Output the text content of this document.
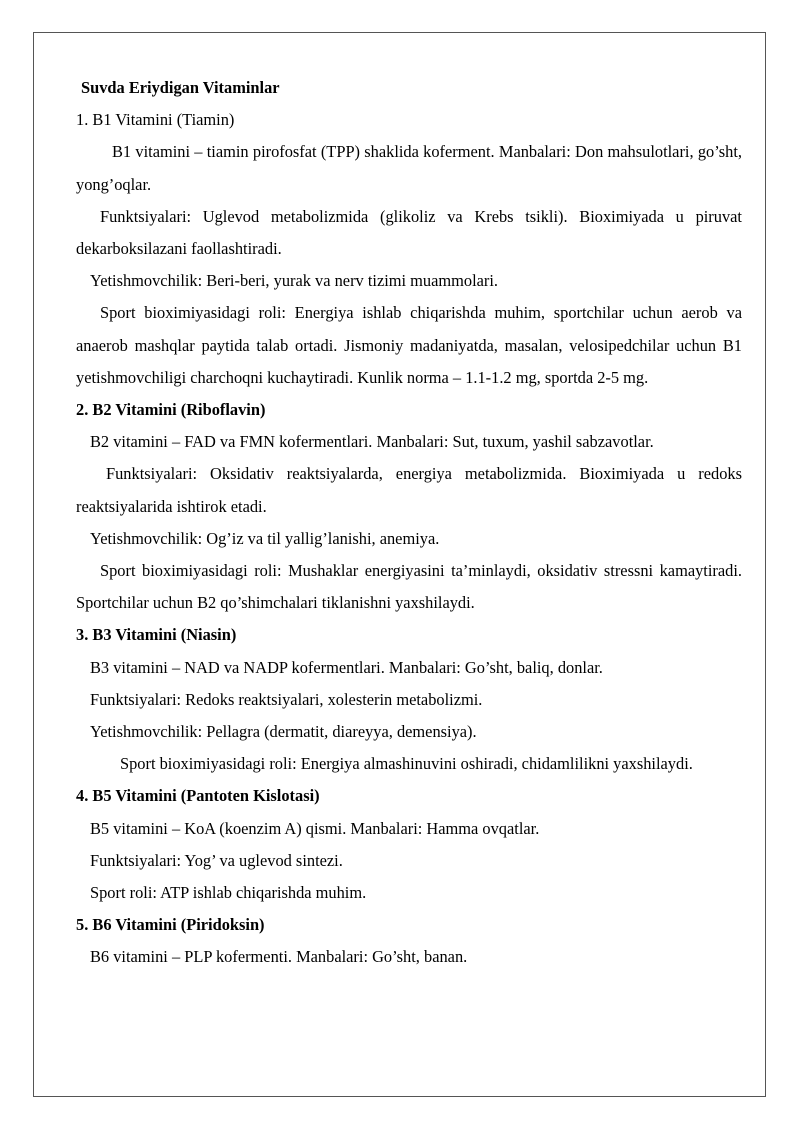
Suvda Eriydigan Vitaminlar

1. B1 Vitamini (Tiamin)

B1 vitamini – tiamin pirofosfat (TPP) shaklida koferment. Manbalari: Don mahsulotlari, go’sht, yong’oqlar.

Funktsiyalari: Uglevod metabolizmida (glikoliz va Krebs tsikli). Bioximiyada u piruvat dekarboksilazani faollashtiradi.

Yetishmovchilik: Beri-beri, yurak va nerv tizimi muammolari.

Sport bioximiyasidagi roli: Energiya ishlab chiqarishda muhim, sportchilar uchun aerob va anaerob mashqlar paytida talab ortadi. Jismoniy madaniyatda, masalan, velosipedchilar uchun B1 yetishmovchiligi charchoqni kuchaytiradi. Kunlik norma – 1.1-1.2 mg, sportda 2-5 mg.

2. B2 Vitamini (Riboflavin)

B2 vitamini – FAD va FMN kofermentlari. Manbalari: Sut, tuxum, yashil sabzavotlar.

Funktsiyalari: Oksidativ reaktsiyalarda, energiya metabolizmida. Bioximiyada u redoks reaktsiyalarida ishtirok etadi.

Yetishmovchilik: Og’iz va til yallig’lanishi, anemiya.

Sport bioximiyasidagi roli: Mushaklar energiyasini ta’minlaydi, oksidativ stressni kamaytiradi. Sportchilar uchun B2 qo’shimchalari tiklanishni yaxshilaydi.

3. B3 Vitamini (Niasin)

B3 vitamini – NAD va NADP kofermentlari. Manbalari: Go’sht, baliq, donlar.

Funktsiyalari: Redoks reaktsiyalari, xolesterin metabolizmi.

Yetishmovchilik: Pellagra (dermatit, diareyya, demensiya).

Sport bioximiyasidagi roli: Energiya almashinuvini oshiradi, chidamlilikni yaxshilaydi.

4. B5 Vitamini (Pantoten Kislotasi)

B5 vitamini – KoA (koenzim A) qismi. Manbalari: Hamma ovqatlar.

Funktsiyalari: Yog’ va uglevod sintezi.

Sport roli: ATP ishlab chiqarishda muhim.

5. B6 Vitamini (Piridoksin)

B6 vitamini – PLP kofermenti. Manbalari: Go’sht, banan.
